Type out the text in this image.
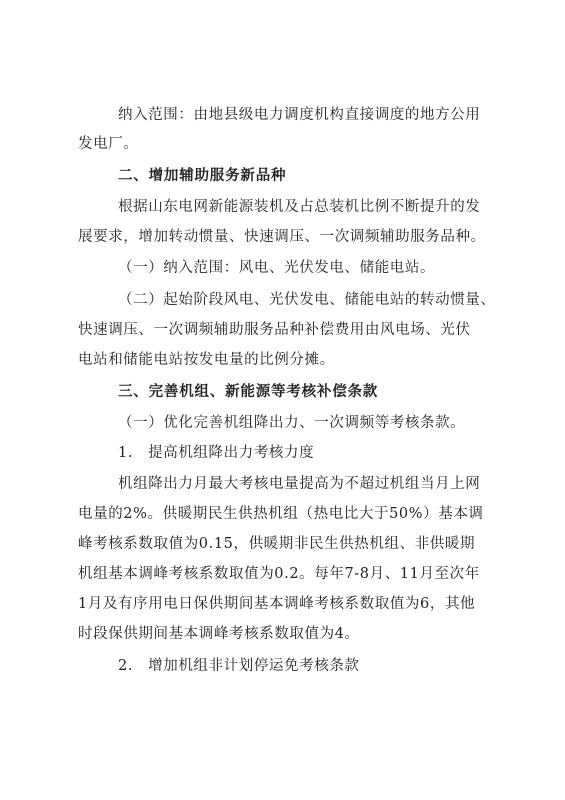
纳入范围：由地县级电力调度机构直接调度的地方公用
发电厂。
二、增加辅助服务新品种
根据山东电网新能源装机及占总装机比例不断提升的发
展要求，增加转动惯量、快速调压、一次调频辅助服务品种。
（一）纳入范围：风电、光伏发电、储能电站。
（二）起始阶段风电、光伏发电、储能电站的转动惯量、
快速调压、一次调频辅助服务品种补偿费用由风电场、光伏
电站和储能电站按发电量的比例分摊。
三、完善机组、新能源等考核补偿条款
（一）优化完善机组降出力、一次调频等考核条款。
1.　提高机组降出力考核力度
机组降出力月最大考核电量提高为不超过机组当月上网
电量的2%。供暖期民生供热机组（热电比大于50%）基本调
峰考核系数取值为0.15，供暖期非民生供热机组、非供暖期
机组基本调峰考核系数取值为0.2。每年7-8月、11月至次年
1月及有序用电日保供期间基本调峰考核系数取值为6，其他
时段保供期间基本调峰考核系数取值为4。
2.　增加机组非计划停运免考核条款
